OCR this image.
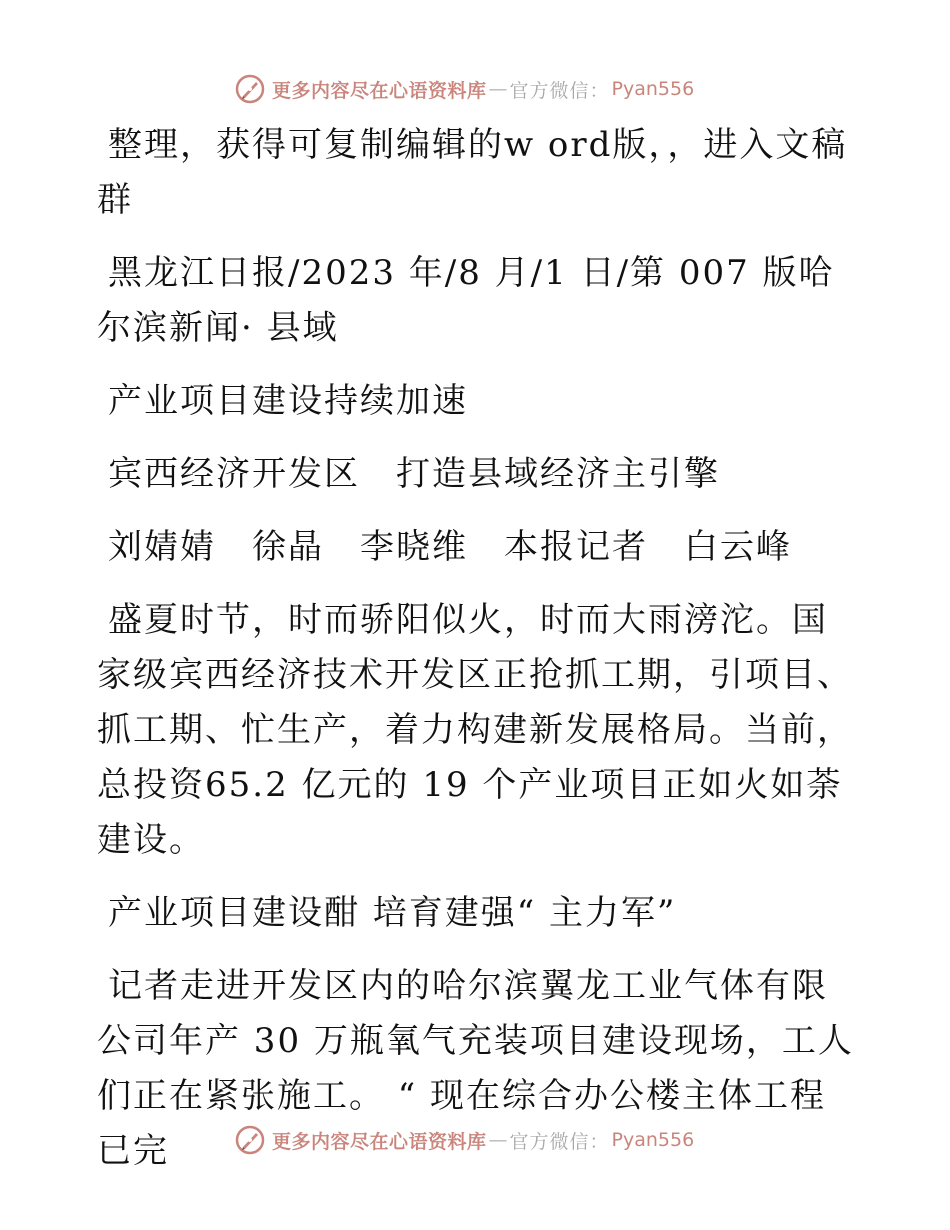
更多内容尽在心语资料库 — 官方微信： Pyan556

整理，获得可复制编辑的w ord版，，进入文稿群

黑龙江日报/2023 年/8 月/1 日/第 007 版哈尔滨新闻· 县域

产业项目建设持续加速

宾西经济开发区　打造县域经济主引擎

刘婧婧　徐晶　李晓维　本报记者　白云峰

盛夏时节，时而骄阳似火，时而大雨滂沱。国家级宾西经济技术开发区正抢抓工期，引项目、抓工期、忙生产，着力构建新发展格局。当前，总投资65.2 亿元的 19 个产业项目正如火如荼建设。

产业项目建设酣 培育建强“ 主力军”

记者走进开发区内的哈尔滨翼龙工业气体有限公司年产 30 万瓶氧气充装项目建设现场，工人们正在紧张施工。 “ 现在综合办公楼主体工程已完	更多内容尽在心语资料库 — 官方微信： Pyan556
